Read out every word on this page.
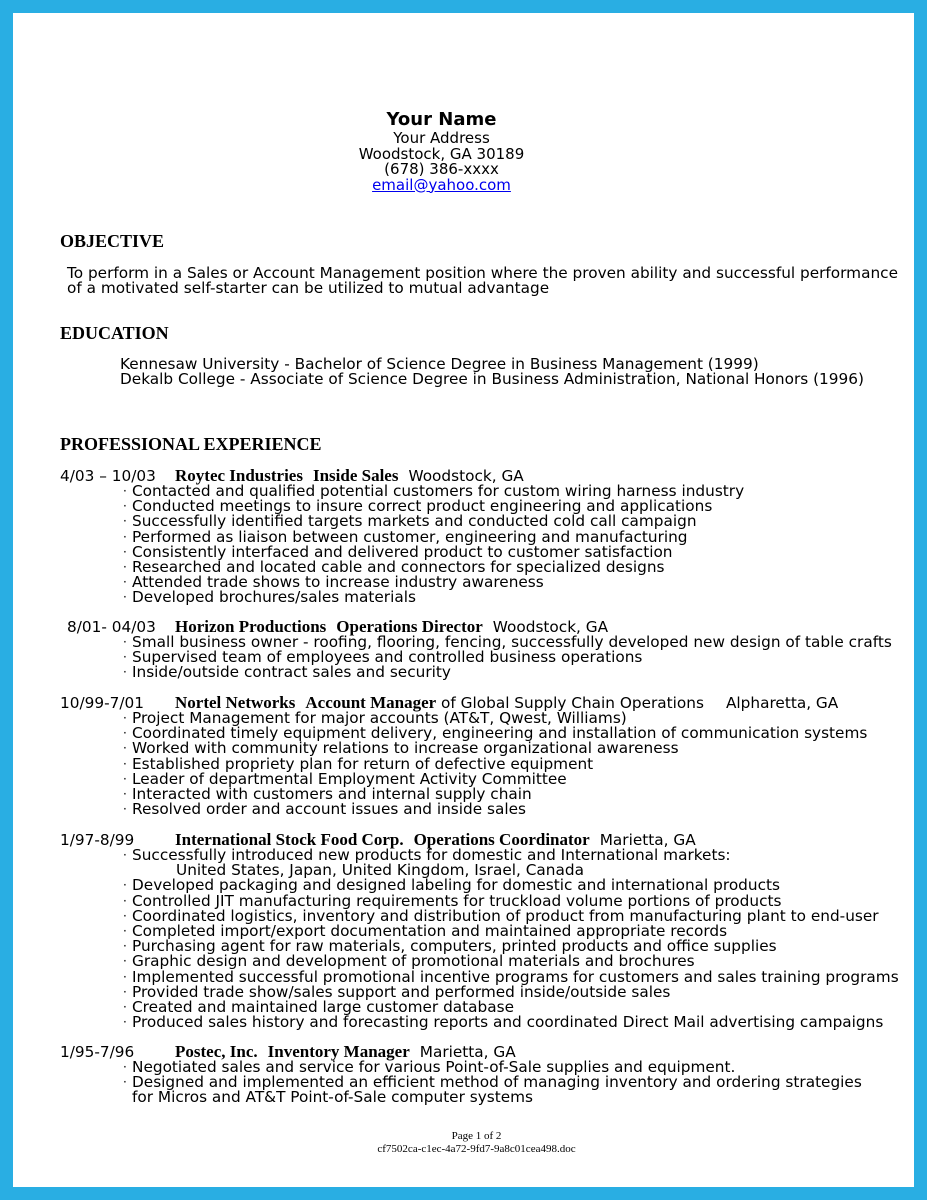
Your Name
Your Address
Woodstock, GA 30189
(678) 386-xxxx
email@yahoo.com
OBJECTIVE
To perform in a Sales or Account Management position where the proven ability and successful performance
of a motivated self-starter can be utilized to mutual advantage
EDUCATION
Kennesaw University - Bachelor of Science Degree in Business Management (1999)
Dekalb College - Associate of Science Degree in Business Administration, National Honors (1996)
PROFESSIONAL EXPERIENCE
4/03 – 10/03 Roytec Industries Inside Sales Woodstock, GA
· Contacted and qualified potential customers for custom wiring harness industry
· Conducted meetings to insure correct product engineering and applications
· Successfully identified targets markets and conducted cold call campaign
· Performed as liaison between customer, engineering and manufacturing
· Consistently interfaced and delivered product to customer satisfaction
· Researched and located cable and connectors for specialized designs
· Attended trade shows to increase industry awareness
· Developed brochures/sales materials
8/01- 04/03 Horizon Productions Operations Director Woodstock, GA
· Small business owner - roofing, flooring, fencing, successfully developed new design of table crafts
· Supervised team of employees and controlled business operations
· Inside/outside contract sales and security
10/99-7/01 Nortel Networks Account Manager of Global Supply Chain Operations Alpharetta, GA
· Project Management for major accounts (AT&T, Qwest, Williams)
· Coordinated timely equipment delivery, engineering and installation of communication systems
· Worked with community relations to increase organizational awareness
· Established propriety plan for return of defective equipment
· Leader of departmental Employment Activity Committee
· Interacted with customers and internal supply chain
· Resolved order and account issues and inside sales
1/97-8/99 International Stock Food Corp. Operations Coordinator Marietta, GA
· Successfully introduced new products for domestic and International markets:
United States, Japan, United Kingdom, Israel, Canada
· Developed packaging and designed labeling for domestic and international products
· Controlled JIT manufacturing requirements for truckload volume portions of products
· Coordinated logistics, inventory and distribution of product from manufacturing plant to end-user
· Completed import/export documentation and maintained appropriate records
· Purchasing agent for raw materials, computers, printed products and office supplies
· Graphic design and development of promotional materials and brochures
· Implemented successful promotional incentive programs for customers and sales training programs
· Provided trade show/sales support and performed inside/outside sales
· Created and maintained large customer database
· Produced sales history and forecasting reports and coordinated Direct Mail advertising campaigns
1/95-7/96 Postec, Inc. Inventory Manager Marietta, GA
· Negotiated sales and service for various Point-of-Sale supplies and equipment.
· Designed and implemented an efficient method of managing inventory and ordering strategies
for Micros and AT&T Point-of-Sale computer systems
Page 1 of 2
cf7502ca-c1ec-4a72-9fd7-9a8c01cea498.doc
